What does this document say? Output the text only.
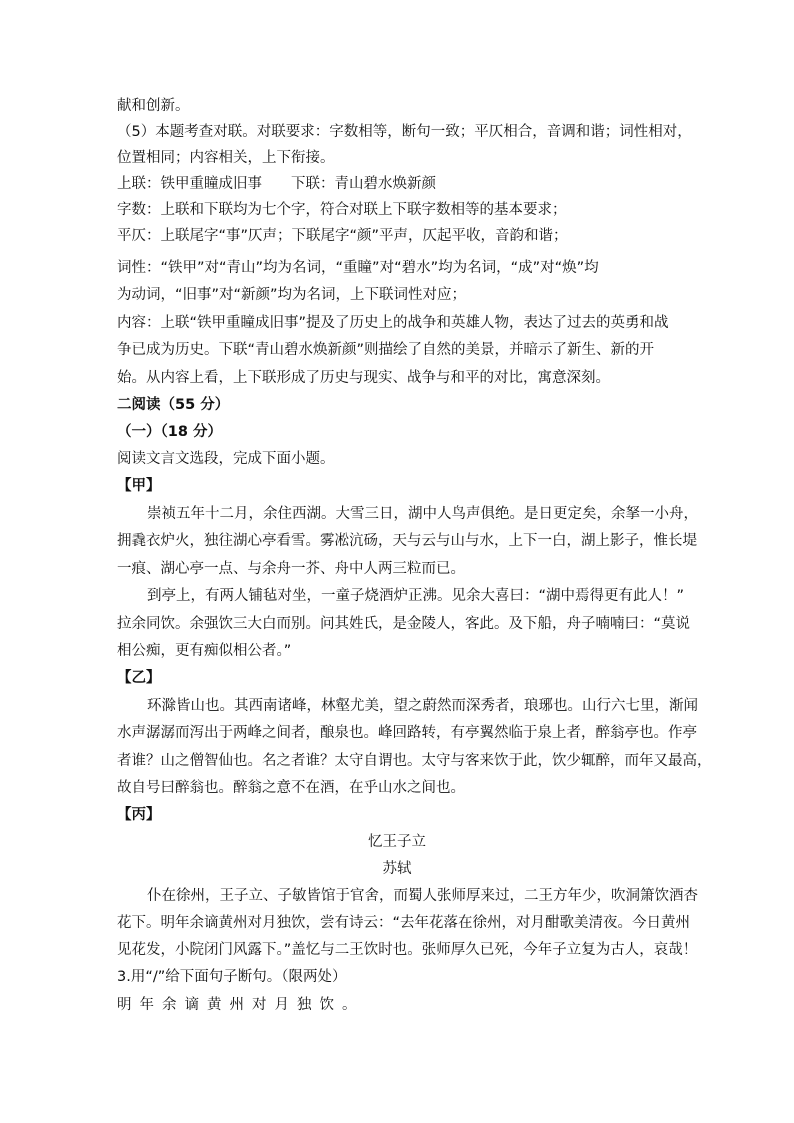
献和创新。
（5）本题考查对联。对联要求：字数相等，断句一致；平仄相合，音调和谐；词性相对，
位置相同；内容相关，上下衔接。
上联：铁甲重瞳成旧事　　下联：青山碧水焕新颜
字数：上联和下联均为七个字，符合对联上下联字数相等的基本要求；
平仄：上联尾字“事”仄声；下联尾字“颜”平声，仄起平收，音韵和谐；
词性：“铁甲”对“青山”均为名词，“重瞳”对“碧水”均为名词，“成”对“焕”均
为动词，“旧事”对“新颜”均为名词，上下联词性对应；
内容：上联“铁甲重瞳成旧事”提及了历史上的战争和英雄人物，表达了过去的英勇和战
争已成为历史。下联“青山碧水焕新颜”则描绘了自然的美景，并暗示了新生、新的开
始。从内容上看，上下联形成了历史与现实、战争与和平的对比，寓意深刻。
二阅读（55 分）
（一）（18 分）
阅读文言文选段，完成下面小题。
【甲】
崇祯五年十二月，余住西湖。大雪三日，湖中人鸟声俱绝。是日更定矣，余拏一小舟，
拥毳衣炉火，独往湖心亭看雪。雾凇沆砀，天与云与山与水，上下一白，湖上影子，惟长堤
一痕、湖心亭一点、与余舟一芥、舟中人两三粒而已。
到亭上，有两人铺毡对坐，一童子烧酒炉正沸。见余大喜曰：“湖中焉得更有此人！”
拉余同饮。余强饮三大白而别。问其姓氏，是金陵人，客此。及下船，舟子喃喃曰：“莫说
相公痴，更有痴似相公者。”
【乙】
环滁皆山也。其西南诸峰，林壑尤美，望之蔚然而深秀者，琅琊也。山行六七里，渐闻
水声潺潺而泻出于两峰之间者，酿泉也。峰回路转，有亭翼然临于泉上者，醉翁亭也。作亭
者谁？山之僧智仙也。名之者谁？太守自谓也。太守与客来饮于此，饮少辄醉，而年又最高，
故自号曰醉翁也。醉翁之意不在酒，在乎山水之间也。
【丙】
忆王子立
苏轼
仆在徐州，王子立、子敏皆馆于官舍，而蜀人张师厚来过，二王方年少，吹洞箫饮酒杏
花下。明年余谪黄州对月独饮，尝有诗云：“去年花落在徐州，对月酣歌美清夜。今日黄州
见花发，小院闭门风露下。”盖忆与二王饮时也。张师厚久已死，今年子立复为古人，哀哉！
3.用“/”给下面句子断句。（限两处）
明年余谪黄州对月独饮。
